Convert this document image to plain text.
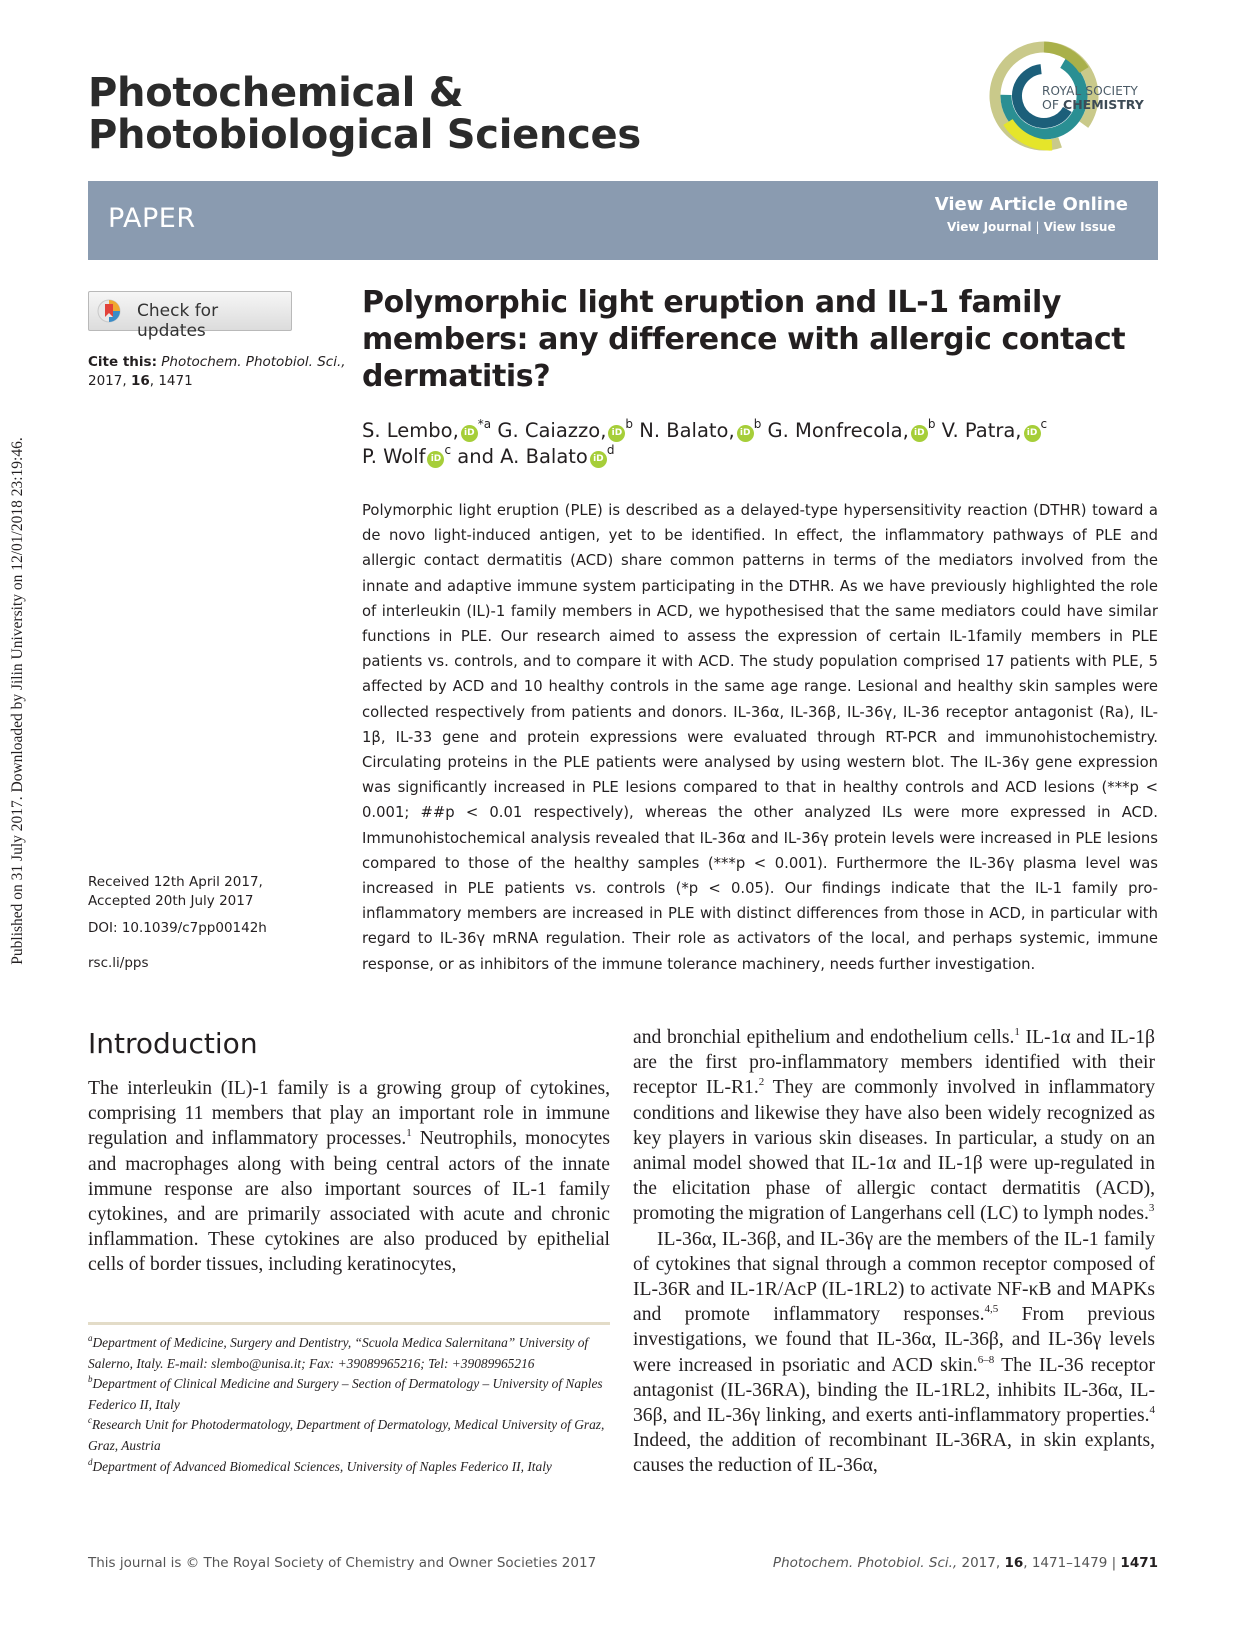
Published on 31 July 2017. Downloaded by Jilin University on 12/01/2018 23:19:46.
Photochemical &
Photobiological Sciences
ROYAL SOCIETY
OF CHEMISTRY
PAPER	View Article Online
View Journal | View Issue
Check for updates
Cite this: Photochem. Photobiol. Sci.,
2017, 16, 1471
Polymorphic light eruption and IL-1 family
members: any difference with allergic contact
dermatitis?
S. Lembo, $iD^{*a}$ G. Caiazzo, $iD^b$ N. Balato, $iD^b$ G. Monfrecola, $iD^b$ V. Patra, $iD^c$
P. Wolf $iD^c$ and A. Balato $iD^d$
Polymorphic light eruption (PLE) is described as a delayed-type hypersensitivity reaction (DTHR) toward a de novo light-induced antigen, yet to be identified. In effect, the inflammatory pathways of PLE and allergic contact dermatitis (ACD) share common patterns in terms of the mediators involved from the innate and adaptive immune system participating in the DTHR. As we have previously highlighted the role of interleukin (IL)-1 family members in ACD, we hypothesised that the same mediators could have similar functions in PLE. Our research aimed to assess the expression of certain IL-1family members in PLE patients vs. controls, and to compare it with ACD. The study population comprised 17 patients with PLE, 5 affected by ACD and 10 healthy controls in the same age range. Lesional and healthy skin samples were collected respectively from patients and donors. IL-36α, IL-36β, IL-36γ, IL-36 receptor antagonist (Ra), IL-1β, IL-33 gene and protein expressions were evaluated through RT-PCR and immunohistochemistry. Circulating proteins in the PLE patients were analysed by using western blot. The IL-36γ gene expression was significantly increased in PLE lesions compared to that in healthy controls and ACD lesions (***p < 0.001; ##p < 0.01 respectively), whereas the other analyzed ILs were more expressed in ACD. Immunohistochemical analysis revealed that IL-36α and IL-36γ protein levels were increased in PLE lesions compared to those of the healthy samples (***p < 0.001). Furthermore the IL-36γ plasma level was increased in PLE patients vs. controls (*p < 0.05). Our findings indicate that the IL-1 family pro-inflammatory members are increased in PLE with distinct differences from those in ACD, in particular with regard to IL-36γ mRNA regulation. Their role as activators of the local, and perhaps systemic, immune response, or as inhibitors of the immune tolerance machinery, needs further investigation.
Received 12th April 2017,
Accepted 20th July 2017
DOI: 10.1039/c7pp00142h
rsc.li/pps
Introduction

The interleukin (IL)-1 family is a growing group of cytokines, comprising 11 members that play an important role in immune regulation and inflammatory processes.$^1$ Neutrophils, monocytes and macrophages along with being central actors of the innate immune response are also important sources of IL-1 family cytokines, and are primarily associated with acute and chronic inflammation. These cytokines are also produced by epithelial cells of border tissues, including keratinocytes,

$^a$Department of Medicine, Surgery and Dentistry, “Scuola Medica Salernitana” University of Salerno, Italy. E-mail: slembo@unisa.it; Fax: +39089965216; Tel: +39089965216
$^b$Department of Clinical Medicine and Surgery – Section of Dermatology – University of Naples Federico II, Italy
$^c$Research Unit for Photodermatology, Department of Dermatology, Medical University of Graz, Graz, Austria
$^d$Department of Advanced Biomedical Sciences, University of Naples Federico II, Italy

and bronchial epithelium and endothelium cells.$^1$ IL-1α and IL-1β are the first pro-inflammatory members identified with their receptor IL-R1.$^2$ They are commonly involved in inflammatory conditions and likewise they have also been widely recognized as key players in various skin diseases. In particular, a study on an animal model showed that IL-1α and IL-1β were up-regulated in the elicitation phase of allergic contact dermatitis (ACD), promoting the migration of Langerhans cell (LC) to lymph nodes.$^3$

IL-36α, IL-36β, and IL-36γ are the members of the IL-1 family of cytokines that signal through a common receptor composed of IL-36R and IL-1R/AcP (IL-1RL2) to activate NF-κB and MAPKs and promote inflammatory responses.$^{4,5}$ From previous investigations, we found that IL-36α, IL-36β, and IL-36γ levels were increased in psoriatic and ACD skin.$^{6-8}$ The IL-36 receptor antagonist (IL-36RA), binding the IL-1RL2, inhibits IL-36α, IL-36β, and IL-36γ linking, and exerts anti-inflammatory properties.$^4$ Indeed, the addition of recombinant IL-36RA, in skin explants, causes the reduction of IL-36α,

This journal is © The Royal Society of Chemistry and Owner Societies 2017	Photochem. Photobiol. Sci., 2017, 16, 1471–1479 | 1471
